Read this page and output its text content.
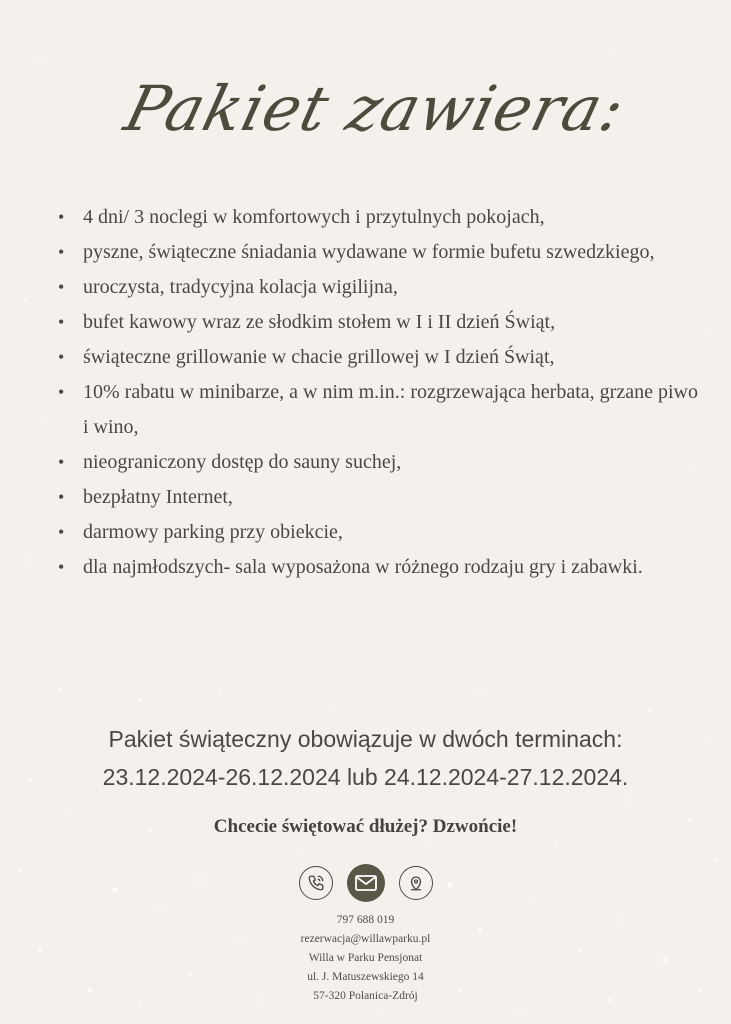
Pakiet zawiera:
• 4 dni/ 3 noclegi w komfortowych i przytulnych pokojach,
• pyszne, świąteczne śniadania wydawane w formie bufetu szwedzkiego,
• uroczysta, tradycyjna kolacja wigilijna,
• bufet kawowy wraz ze słodkim stołem w I i II dzień Świąt,
• świąteczne grillowanie w chacie grillowej w I dzień Świąt,
• 10% rabatu w minibarze, a w nim m.in.: rozgrzewająca herbata, grzane piwo i wino,
• nieograniczony dostęp do sauny suchej,
• bezpłatny Internet,
• darmowy parking przy obiekcie,
• dla najmłodszych- sala wyposażona w różnego rodzaju gry i zabawki.
Pakiet świąteczny obowiązuje w dwóch terminach:
23.12.2024-26.12.2024 lub 24.12.2024-27.12.2024.
Chcecie świętować dłużej? Dzwońcie!
797 688 019
rezerwacja@willawparku.pl
Willa w Parku Pensjonat
ul. J. Matuszewskiego 14
57-320 Polanica-Zdrój
